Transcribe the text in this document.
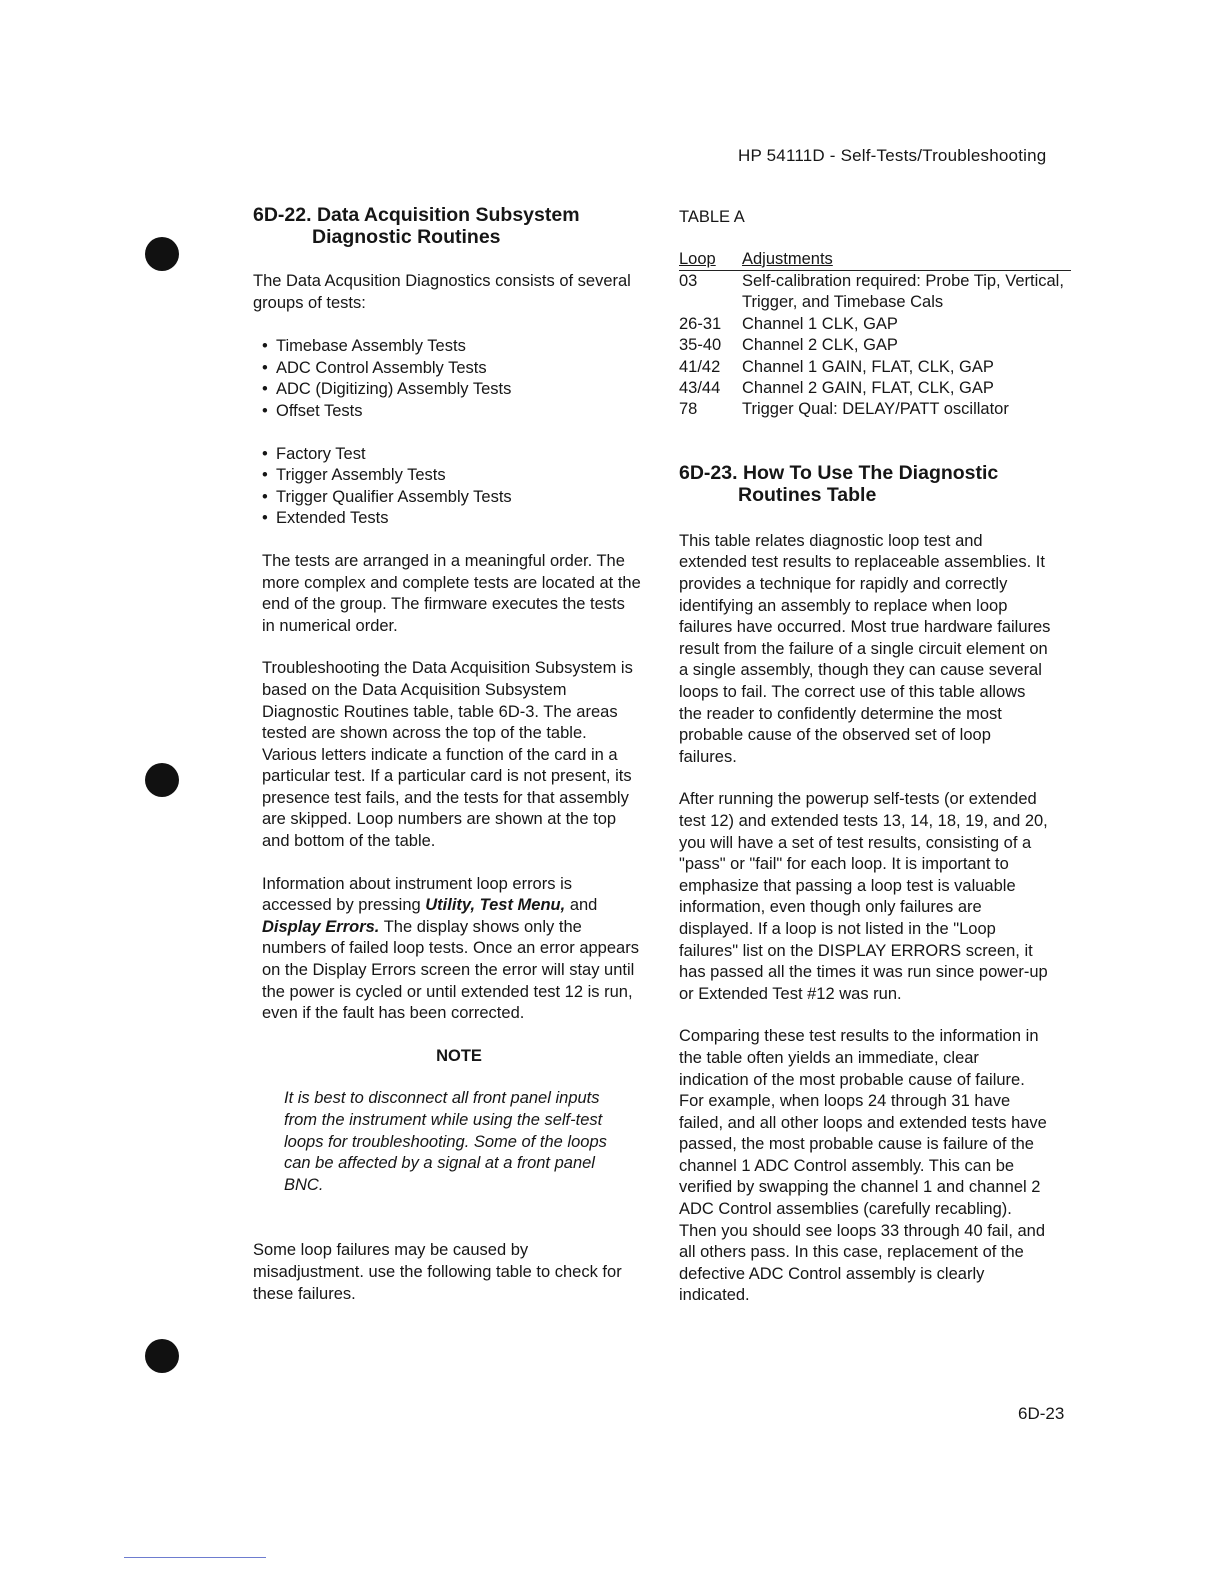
HP 54111D - Self-Tests/Troubleshooting
6D-22. Data Acquisition Subsystem
Diagnostic Routines

The Data Acqusition Diagnostics consists of several groups of tests:

• Timebase Assembly Tests
• ADC Control Assembly Tests
• ADC (Digitizing) Assembly Tests
• Offset Tests
• Factory Test
• Trigger Assembly Tests
• Trigger Qualifier Assembly Tests
• Extended Tests

The tests are arranged in a meaningful order. The more complex and complete tests are located at the end of the group. The firmware executes the tests in numerical order.

Troubleshooting the Data Acquisition Subsystem is based on the Data Acquisition Subsystem Diagnostic Routines table, table 6D-3. The areas tested are shown across the top of the table. Various letters indicate a function of the card in a particular test. If a particular card is not present, its presence test fails, and the tests for that assembly are skipped. Loop numbers are shown at the top and bottom of the table.

Information about instrument loop errors is accessed by pressing Utility, Test Menu, and Display Errors. The display shows only the numbers of failed loop tests. Once an error appears on the Display Errors screen the error will stay until the power is cycled or until extended test 12 is run, even if the fault has been corrected.

NOTE

It is best to disconnect all front panel inputs from the instrument while using the self-test loops for troubleshooting. Some of the loops can be affected by a signal at a front panel BNC.

Some loop failures may be caused by misadjustment. use the following table to check for these failures.

TABLE A

Loop	Adjustments
03	Self-calibration required: Probe Tip, Vertical, Trigger, and Timebase Cals
26-31	Channel 1 CLK, GAP
35-40	Channel 2 CLK, GAP
41/42	Channel 1 GAIN, FLAT, CLK, GAP
43/44	Channel 2 GAIN, FLAT, CLK, GAP
78	Trigger Qual: DELAY/PATT oscillator
6D-23. How To Use The Diagnostic
Routines Table

This table relates diagnostic loop test and extended test results to replaceable assemblies. It provides a technique for rapidly and correctly identifying an assembly to replace when loop failures have occurred. Most true hardware failures result from the failure of a single circuit element on a single assembly, though they can cause several loops to fail. The correct use of this table allows the reader to confidently determine the most probable cause of the observed set of loop failures.

After running the powerup self-tests (or extended test 12) and extended tests 13, 14, 18, 19, and 20, you will have a set of test results, consisting of a "pass" or "fail" for each loop. It is important to emphasize that passing a loop test is valuable information, even though only failures are displayed. If a loop is not listed in the "Loop failures" list on the DISPLAY ERRORS screen, it has passed all the times it was run since power-up or Extended Test #12 was run.

Comparing these test results to the information in the table often yields an immediate, clear indication of the most probable cause of failure. For example, when loops 24 through 31 have failed, and all other loops and extended tests have passed, the most probable cause is failure of the channel 1 ADC Control assembly. This can be verified by swapping the channel 1 and channel 2 ADC Control assemblies (carefully recabling). Then you should see loops 33 through 40 fail, and all others pass. In this case, replacement of the defective ADC Control assembly is clearly indicated.

6D-23
